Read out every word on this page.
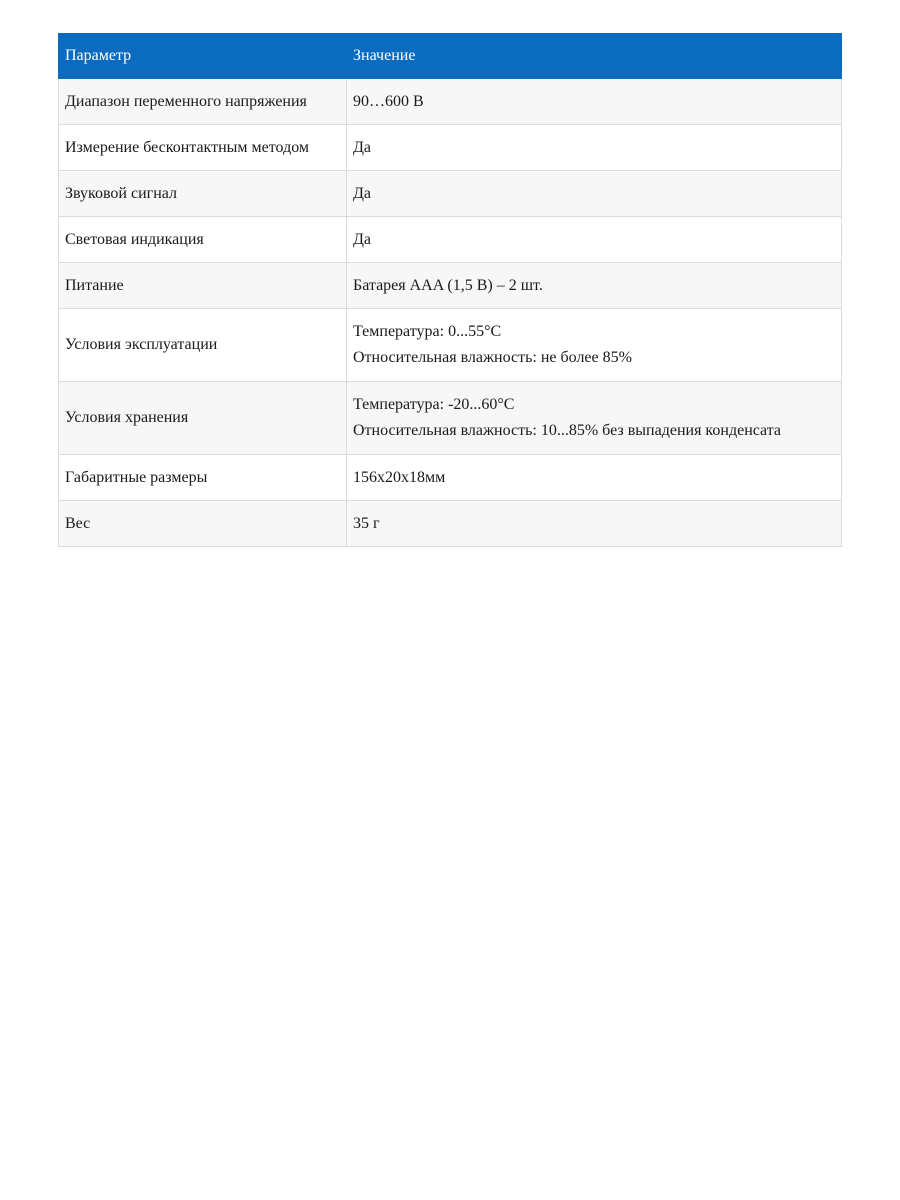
Параметр	Значение
Диапазон переменного напряжения	90…600 В

Измерение бесконтактным методом	Да

Звуковой сигнал	Да

Световая индикация	Да

Питание	Батарея AAA (1,5 В) – 2 шт.

Условия эксплуатации	Температура: 0...55°C
Относительная влажность: не более 85%

Условия хранения	Температура: -20...60°C
Относительная влажность: 10...85% без выпадения конденсата

Габаритные размеры	156x20x18мм

Вес	35 г
